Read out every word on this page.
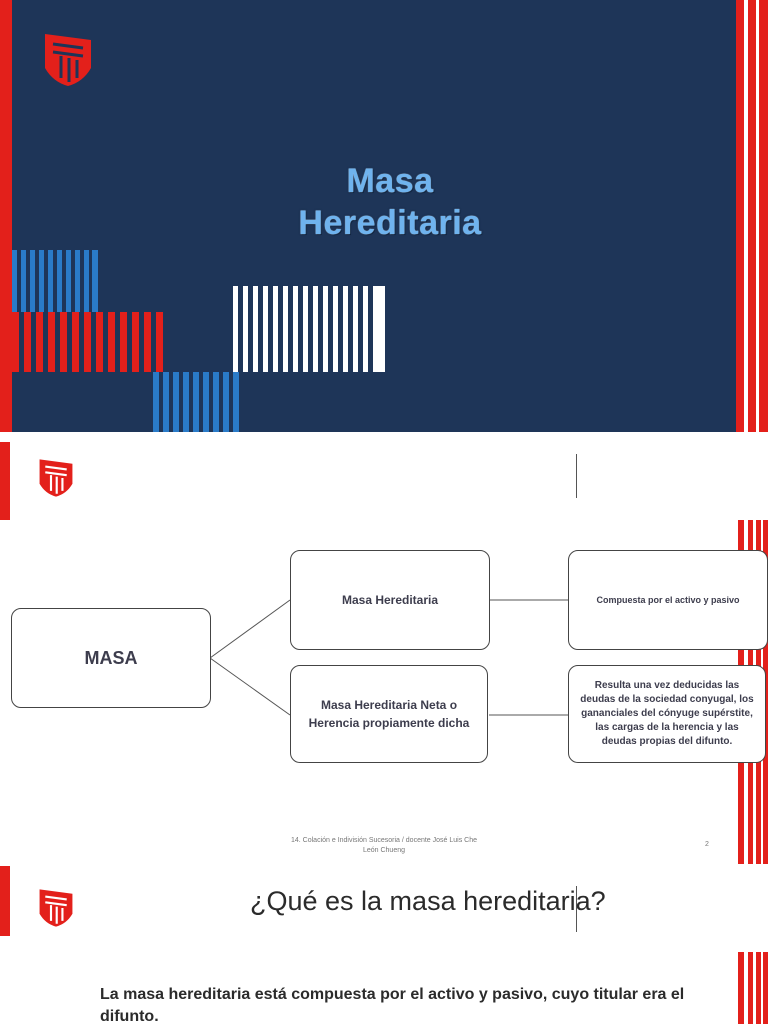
Masa
Hereditaria
MASA
Masa Hereditaria
Masa Hereditaria Neta o Herencia propiamente dicha
Compuesta por el activo y pasivo
Resulta una vez deducidas las deudas de la sociedad conyugal, los gananciales del cónyuge supérstite, las cargas de la herencia y las deudas propias del difunto.
14. Colación e Indivisión Sucesoria / docente José Luis Che
León Chueng
2
¿Qué es la masa hereditaria?
La masa hereditaria está compuesta por el activo y pasivo, cuyo titular era el difunto.
